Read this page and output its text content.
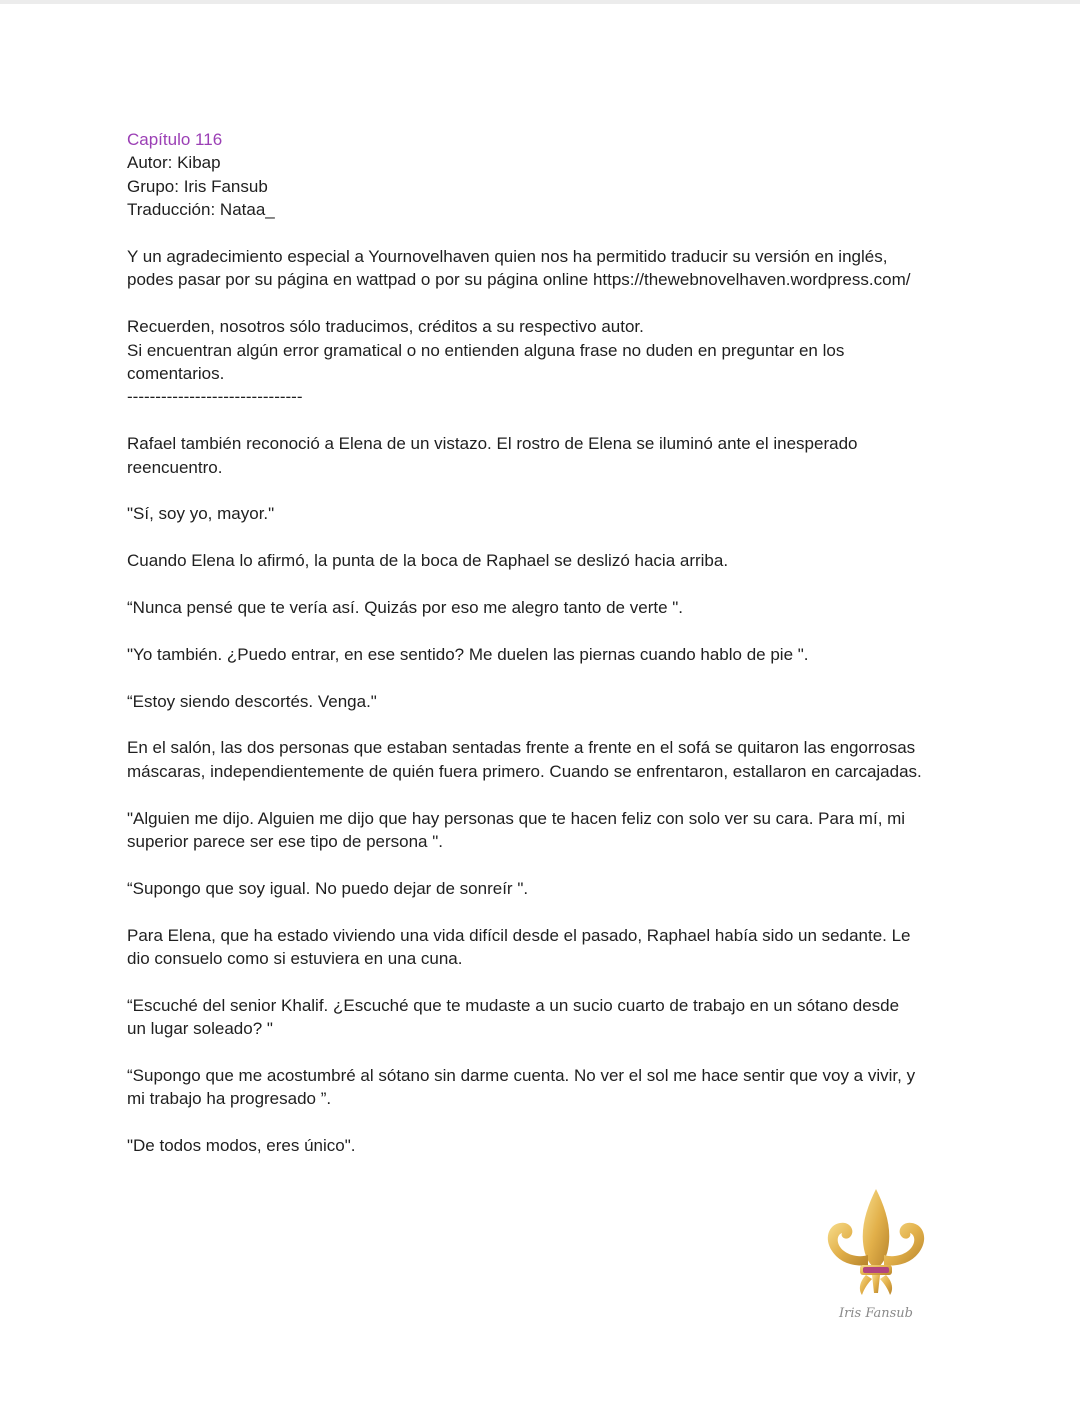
Capítulo 116
Autor: Kibap
Grupo: Iris Fansub
Traducción: Nataa_
Y un agradecimiento especial a Yournovelhaven quien nos ha permitido traducir su versión en inglés,
podes pasar por su página en wattpad o por su página online https://thewebnovelhaven.wordpress.com/
Recuerden, nosotros sólo traducimos, créditos a su respectivo autor.
Si encuentran algún error gramatical o no entienden alguna frase no duden en preguntar en los
comentarios.
-------------------------------
Rafael también reconoció a Elena de un vistazo. El rostro de Elena se iluminó ante el inesperado
reencuentro.
"Sí, soy yo, mayor."
Cuando Elena lo afirmó, la punta de la boca de Raphael se deslizó hacia arriba.
“Nunca pensé que te vería así. Quizás por eso me alegro tanto de verte ".
"Yo también. ¿Puedo entrar, en ese sentido? Me duelen las piernas cuando hablo de pie ".
“Estoy siendo descortés. Venga."
En el salón, las dos personas que estaban sentadas frente a frente en el sofá se quitaron las engorrosas
máscaras, independientemente de quién fuera primero. Cuando se enfrentaron, estallaron en carcajadas.
"Alguien me dijo. Alguien me dijo que hay personas que te hacen feliz con solo ver su cara. Para mí, mi
superior parece ser ese tipo de persona ".
“Supongo que soy igual. No puedo dejar de sonreír ".
Para Elena, que ha estado viviendo una vida difícil desde el pasado, Raphael había sido un sedante. Le
dio consuelo como si estuviera en una cuna.
“Escuché del senior Khalif. ¿Escuché que te mudaste a un sucio cuarto de trabajo en un sótano desde
un lugar soleado? "
“Supongo que me acostumbré al sótano sin darme cuenta. No ver el sol me hace sentir que voy a vivir, y
mi trabajo ha progresado ”.
"De todos modos, eres único".
Iris Fansub
